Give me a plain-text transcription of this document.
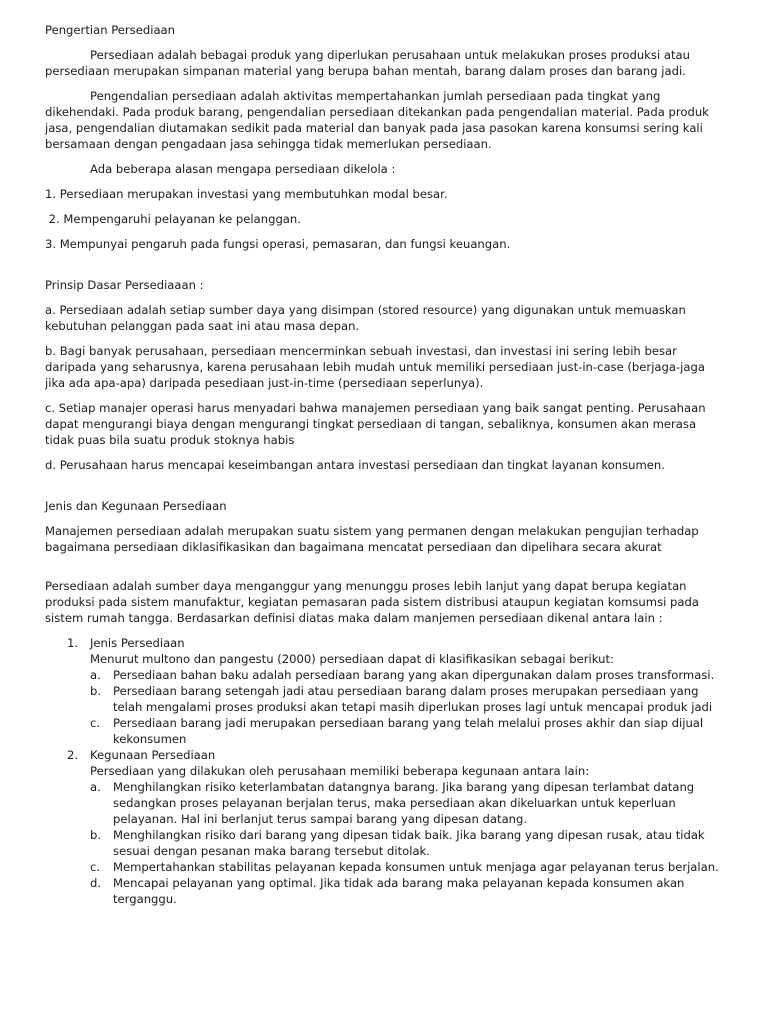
Pengertian Persediaan

Persediaan adalah bebagai produk yang diperlukan perusahaan untuk melakukan proses produksi atau persediaan merupakan simpanan material yang berupa bahan mentah, barang dalam proses dan barang jadi.

Pengendalian persediaan adalah aktivitas mempertahankan jumlah persediaan pada tingkat yang dikehendaki. Pada produk barang, pengendalian persediaan ditekankan pada pengendalian material. Pada produk jasa, pengendalian diutamakan sedikit pada material dan banyak pada jasa pasokan karena konsumsi sering kali bersamaan dengan pengadaan jasa sehingga tidak memerlukan persediaan.

Ada beberapa alasan mengapa persediaan dikelola :

1. Persediaan merupakan investasi yang membutuhkan modal besar.

2. Mempengaruhi pelayanan ke pelanggan.

3. Mempunyai pengaruh pada fungsi operasi, pemasaran, dan fungsi keuangan.

Prinsip Dasar Persediaaan :

a. Persediaan adalah setiap sumber daya yang disimpan (stored resource) yang digunakan untuk memuaskan kebutuhan pelanggan pada saat ini atau masa depan.

b. Bagi banyak perusahaan, persediaan mencerminkan sebuah investasi, dan investasi ini sering lebih besar daripada yang seharusnya, karena perusahaan lebih mudah untuk memiliki persediaan just-in-case (berjaga-jaga jika ada apa-apa) daripada pesediaan just-in-time (persediaan seperlunya).

c. Setiap manajer operasi harus menyadari bahwa manajemen persediaan yang baik sangat penting. Perusahaan dapat mengurangi biaya dengan mengurangi tingkat persediaan di tangan, sebaliknya, konsumen akan merasa tidak puas bila suatu produk stoknya habis

d. Perusahaan harus mencapai keseimbangan antara investasi persediaan dan tingkat layanan konsumen.

Jenis dan Kegunaan Persediaan

Manajemen persediaan adalah merupakan suatu sistem yang permanen dengan melakukan pengujian terhadap bagaimana persediaan diklasifikasikan dan bagaimana mencatat persediaan dan dipelihara secara akurat

Persediaan adalah sumber daya menganggur yang menunggu proses lebih lanjut yang dapat berupa kegiatan produksi pada sistem manufaktur, kegiatan pemasaran pada sistem distribusi ataupun kegiatan komsumsi pada sistem rumah tangga. Berdasarkan definisi diatas maka dalam manjemen persediaan dikenal antara lain :

1. Jenis Persediaan

Menurut multono dan pangestu (2000) persediaan dapat di klasifikasikan sebagai berikut:

a. Persediaan bahan baku adalah persediaan barang yang akan dipergunakan dalam proses transformasi.
b. Persediaan barang setengah jadi atau persediaan barang dalam proses merupakan persediaan yang telah mengalami proses produksi akan tetapi masih diperlukan proses lagi untuk mencapai produk jadi
c. Persediaan barang jadi merupakan persediaan barang yang telah melalui proses akhir dan siap dijual kekonsumen
2. Kegunaan Persediaan

Persediaan yang dilakukan oleh perusahaan memiliki beberapa kegunaan antara lain:

a. Menghilangkan risiko keterlambatan datangnya barang. Jika barang yang dipesan terlambat datang sedangkan proses pelayanan berjalan terus, maka persediaan akan dikeluarkan untuk keperluan pelayanan. Hal ini berlanjut terus sampai barang yang dipesan datang.
b. Menghilangkan risiko dari barang yang dipesan tidak baik. Jika barang yang dipesan rusak, atau tidak sesuai dengan pesanan maka barang tersebut ditolak.
c. Mempertahankan stabilitas pelayanan kepada konsumen untuk menjaga agar pelayanan terus berjalan.
d. Mencapai pelayanan yang optimal. Jika tidak ada barang maka pelayanan kepada konsumen akan terganggu.
